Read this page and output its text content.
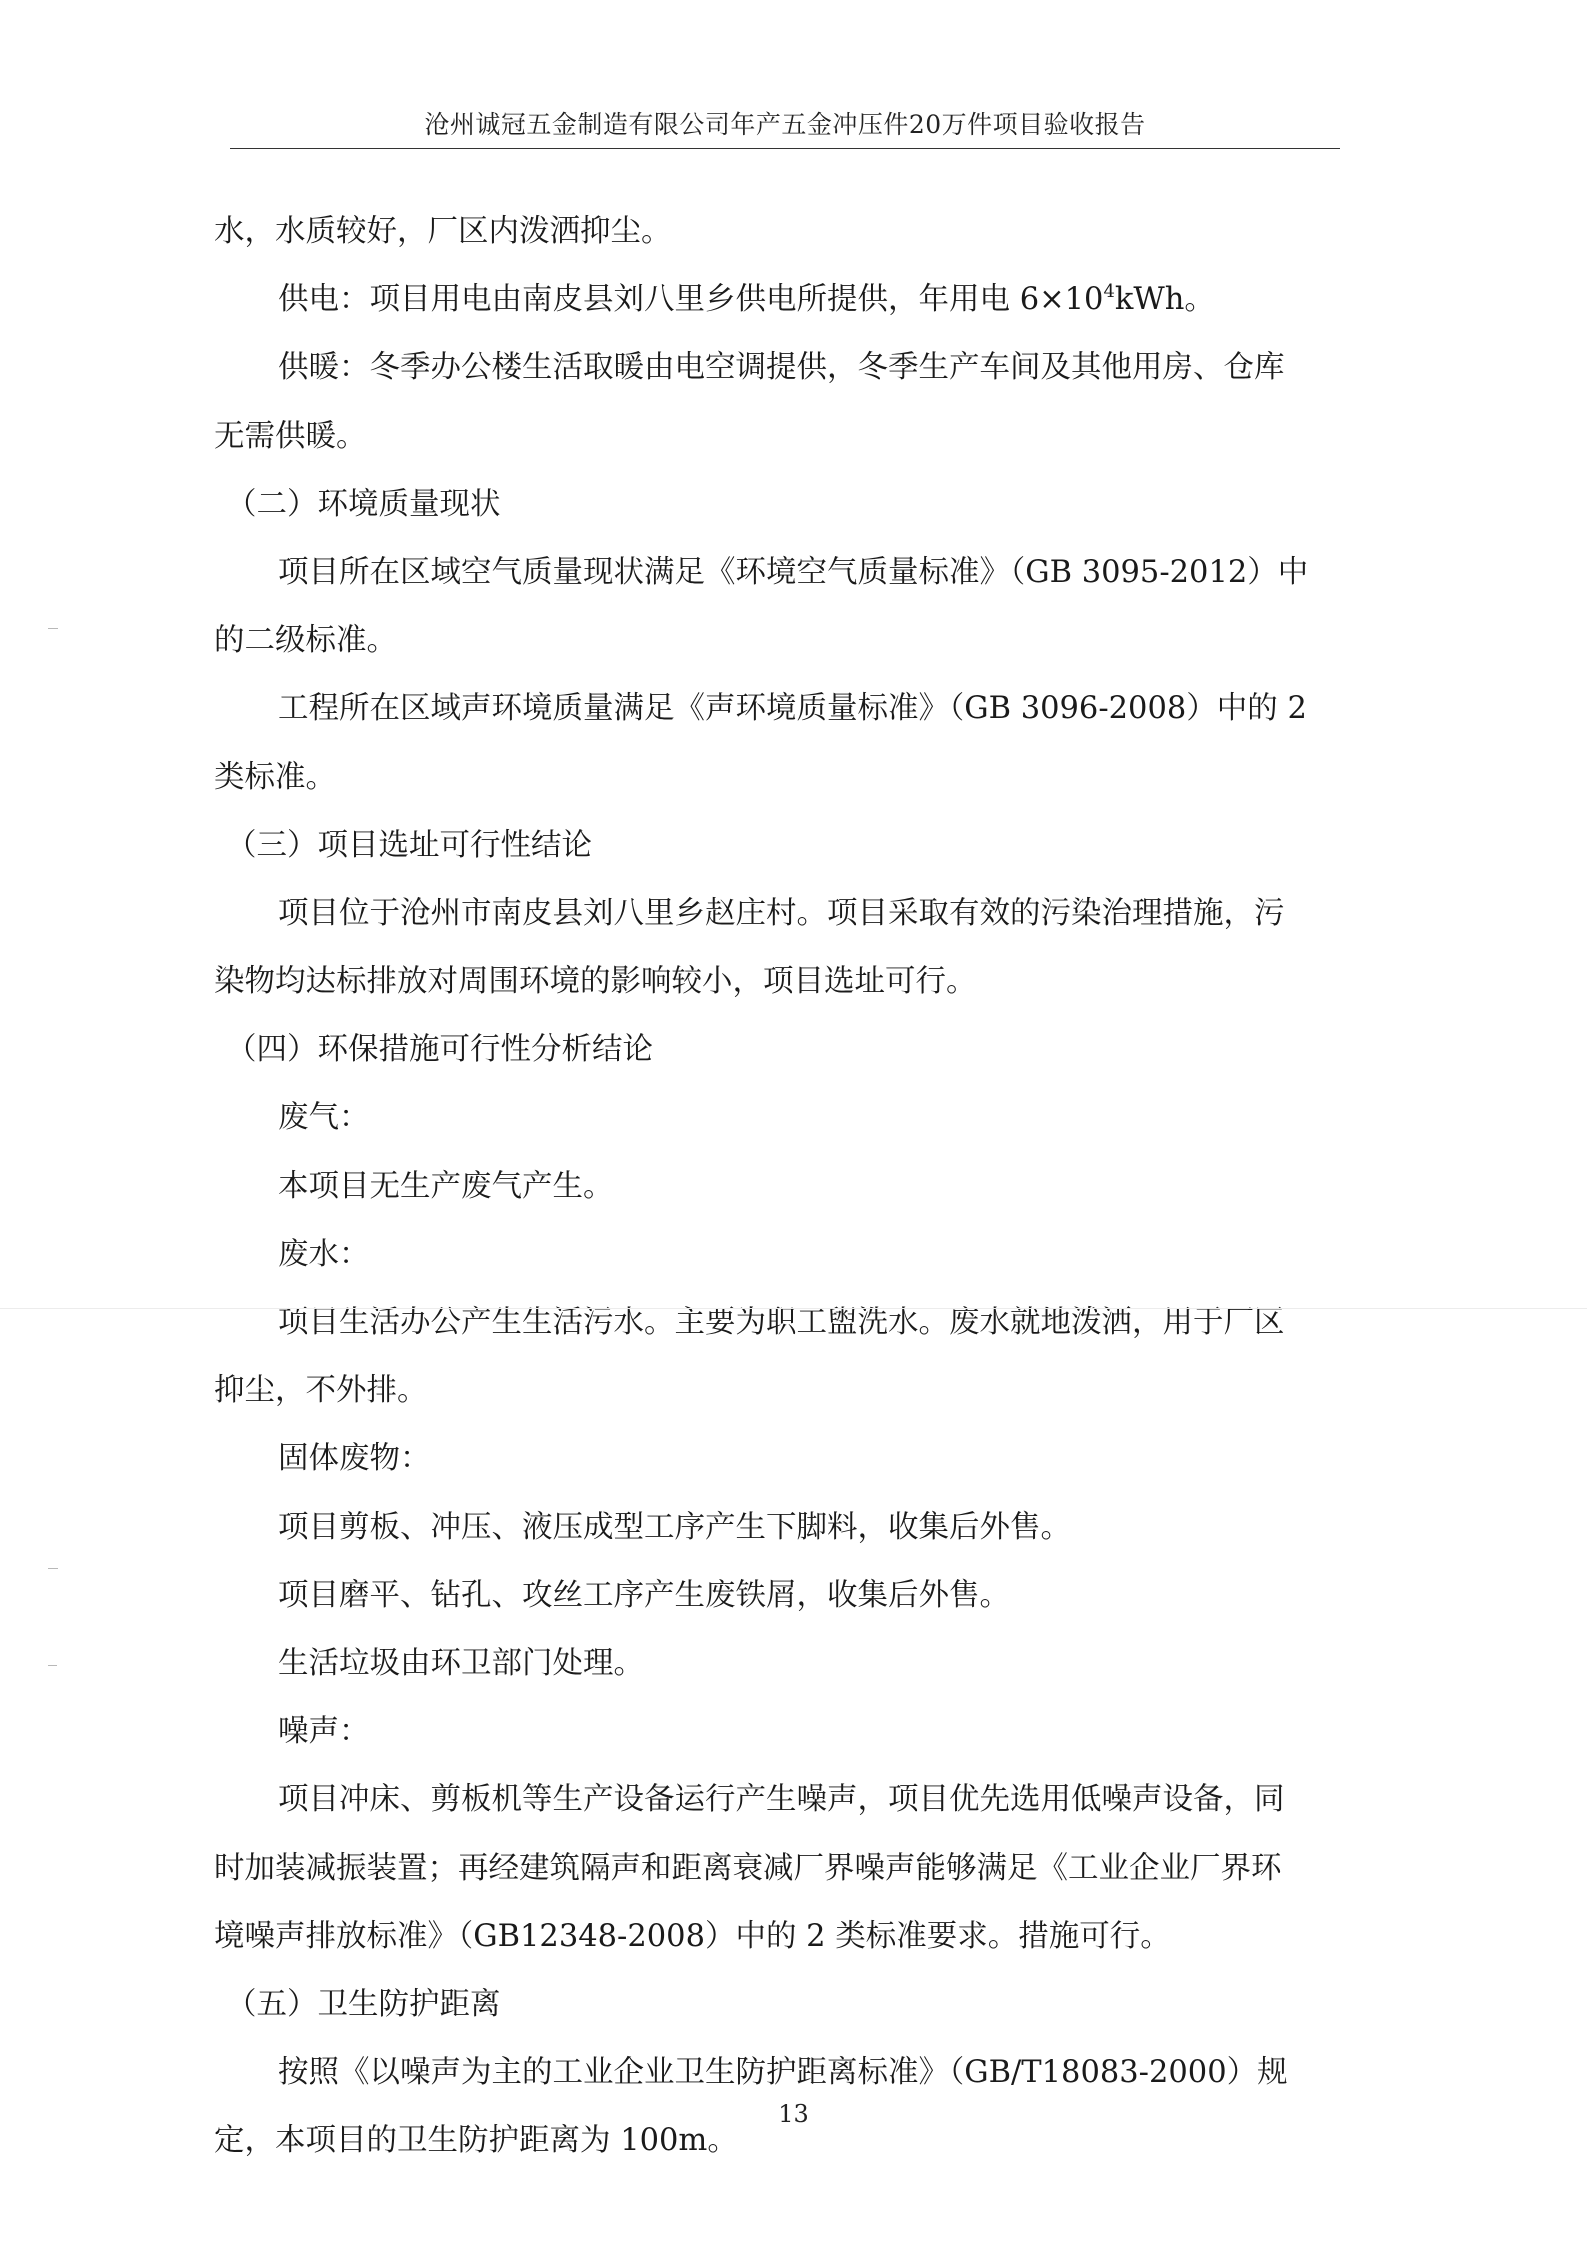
沧州诚冠五金制造有限公司年产五金冲压件20万件项目验收报告
水，水质较好，厂区内泼洒抑尘。
供电：项目用电由南皮县刘八里乡供电所提供，年用电 $6\times 10^4kWh$。
供暖：冬季办公楼生活取暖由电空调提供，冬季生产车间及其他用房、仓库
无需供暖。
（二）环境质量现状
项目所在区域空气质量现状满足《环境空气质量标准》（GB 3095-2012）中
的二级标准。
工程所在区域声环境质量满足《声环境质量标准》（GB 3096-2008）中的 2
类标准。
（三）项目选址可行性结论
项目位于沧州市南皮县刘八里乡赵庄村。项目采取有效的污染治理措施，污
染物均达标排放对周围环境的影响较小，项目选址可行。
（四）环保措施可行性分析结论
废气：
本项目无生产废气产生。
废水：
项目生活办公产生生活污水。主要为职工盥洗水。废水就地泼洒，用于厂区
抑尘，不外排。
固体废物：
项目剪板、冲压、液压成型工序产生下脚料，收集后外售。
项目磨平、钻孔、攻丝工序产生废铁屑，收集后外售。
生活垃圾由环卫部门处理。
噪声：
项目冲床、剪板机等生产设备运行产生噪声，项目优先选用低噪声设备，同
时加装减振装置；再经建筑隔声和距离衰减厂界噪声能够满足《工业企业厂界环
境噪声排放标准》（GB12348-2008）中的 2 类标准要求。措施可行。
（五）卫生防护距离
按照《以噪声为主的工业企业卫生防护距离标准》（GB/T18083-2000）规
定，本项目的卫生防护距离为 100m。
13
